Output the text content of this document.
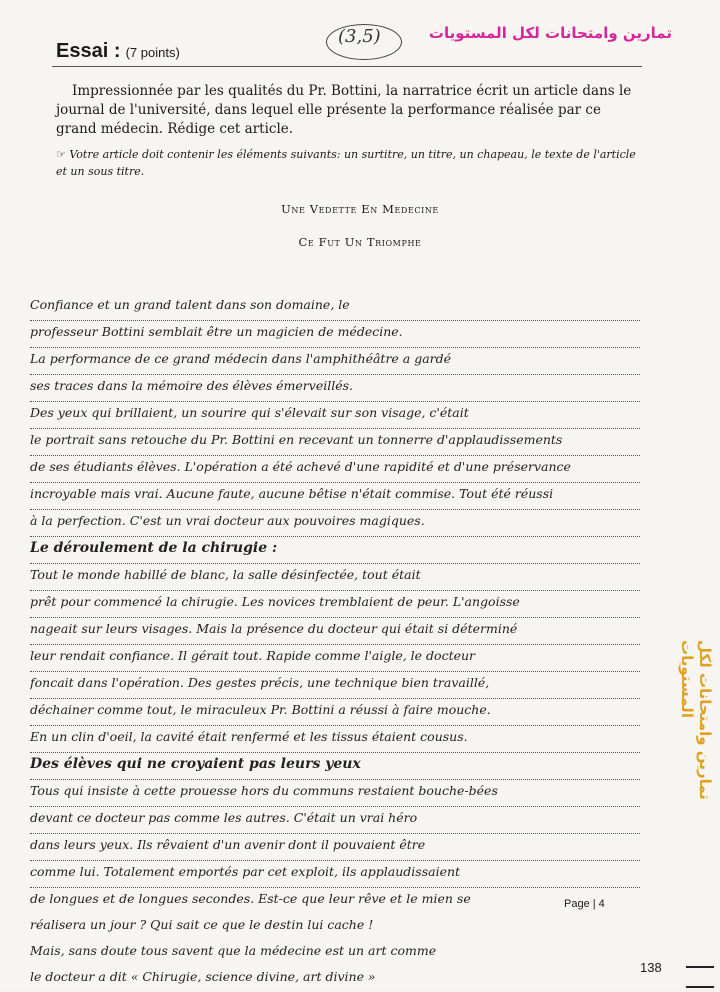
تمارين وامتحانات لكل المستويات
تمارين وامتحانات لكل المستويات
Essai : (7 points)
(3,5)
Impressionnée par les qualités du Pr. Bottini, la narratrice écrit un article dans le journal de l'université, dans lequel elle présente la performance réalisée par ce grand médecin. Rédige cet article.
☞ Votre article doit contenir les éléments suivants: un surtitre, un titre, un chapeau, le texte de l'article et un sous titre.
Une Vedette En Medecine
Ce Fut Un Triomphe
Confiance et un grand talent dans son domaine, le
professeur Bottini semblait être un magicien de médecine.
La performance de ce grand médecin dans l'amphithéâtre a gardé
ses traces dans la mémoire des élèves émerveillés.
Des yeux qui brillaient, un sourire qui s'élevait sur son visage, c'était
le portrait sans retouche du Pr. Bottini en recevant un tonnerre d'applaudissements
de ses étudiants élèves. L'opération a été achevé d'une rapidité et d'une préservance
incroyable mais vrai. Aucune faute, aucune bêtise n'était commise. Tout été réussi
à la perfection. C'est un vrai docteur aux pouvoires magiques.
Le déroulement de la chirugie :
Tout le monde habillé de blanc, la salle désinfectée, tout était
prêt pour commencé la chirugie. Les novices tremblaient de peur. L'angoisse
nageait sur leurs visages. Mais la présence du docteur qui était si déterminé
leur rendait confiance. Il gérait tout. Rapide comme l'aigle, le docteur
foncait dans l'opération. Des gestes précis, une technique bien travaillé,
déchainer comme tout, le miraculeux Pr. Bottini a réussi à faire mouche.
En un clin d'oeil, la cavité était renfermé et les tissus étaient cousus.
Des élèves qui ne croyaient pas leurs yeux
Tous qui insiste à cette prouesse hors du communs restaient bouche-bées
devant ce docteur pas comme les autres. C'était un vrai héro
dans leurs yeux. Ils rêvaient d'un avenir dont il pouvaient être
comme lui. Totalement emportés par cet exploit, ils applaudissaient
de longues et de longues secondes. Est-ce que leur rêve et le mien se
réalisera un jour ? Qui sait ce que le destin lui cache !
Mais, sans doute tous savent que la médecine est un art comme
le docteur a dit « Chirugie, science divine, art divine »
Page | 4
138
